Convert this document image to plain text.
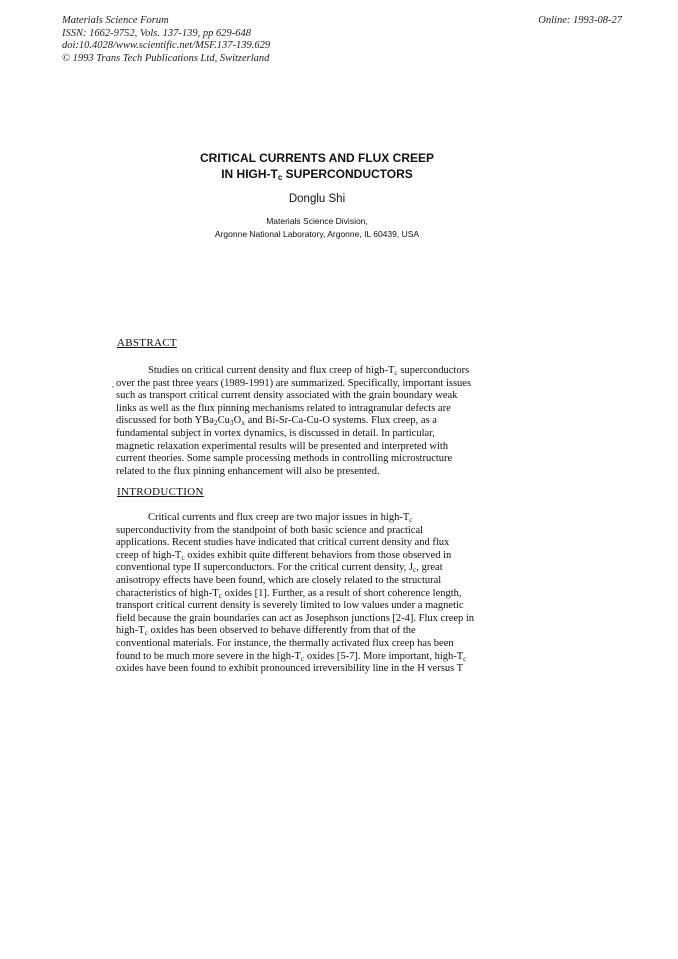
Materials Science Forum
ISSN: 1662-9752, Vols. 137-139, pp 629-648
doi:10.4028/www.scientific.net/MSF.137-139.629
© 1993 Trans Tech Publications Ltd, Switzerland
Online: 1993-08-27
CRITICAL CURRENTS AND FLUX CREEP
IN HIGH-$T_c$ SUPERCONDUCTORS
Donglu Shi
Materials Science Division,
Argonne National Laboratory, Argonne, IL 60439, USA
ABSTRACT
,
Studies on critical current density and flux creep of high-$T_c$ superconductors
over the past three years (1989-1991) are summarized. Specifically, important issues
such as transport critical current density associated with the grain boundary weak
links as well as the flux pinning mechanisms related to intragranular defects are
discussed for both $YBa_2Cu_3O_x$ and Bi-Sr-Ca-Cu-O systems. Flux creep, as a
fundamental subject in vortex dynamics, is discussed in detail. In particular,
magnetic relaxation experimental results will be presented and interpreted with
current theories. Some sample processing methods in controlling microstructure
related to the flux pinning enhancement will also be presented.
INTRODUCTION
Critical currents and flux creep are two major issues in high-$T_c$
superconductivity from the standpoint of both basic science and practical
applications. Recent studies have indicated that critical current density and flux
creep of high-$T_c$ oxides exhibit quite different behaviors from those observed in
conventional type II superconductors. For the critical current density, $J_c$, great
anisotropy effects have been found, which are closely related to the structural
characteristics of high-$T_c$ oxides [1]. Further, as a result of short coherence length,
transport critical current density is severely limited to low values under a magnetic
field because the grain boundaries can act as Josephson junctions [2-4]. Flux creep in
high-$T_c$ oxides has been observed to behave differently from that of the
conventional materials. For instance, the thermally activated flux creep has been
found to be much more severe in the high-$T_c$ oxides [5-7]. More important, high-$T_c$
oxides have been found to exhibit pronounced irreversibility line in the H versus T
